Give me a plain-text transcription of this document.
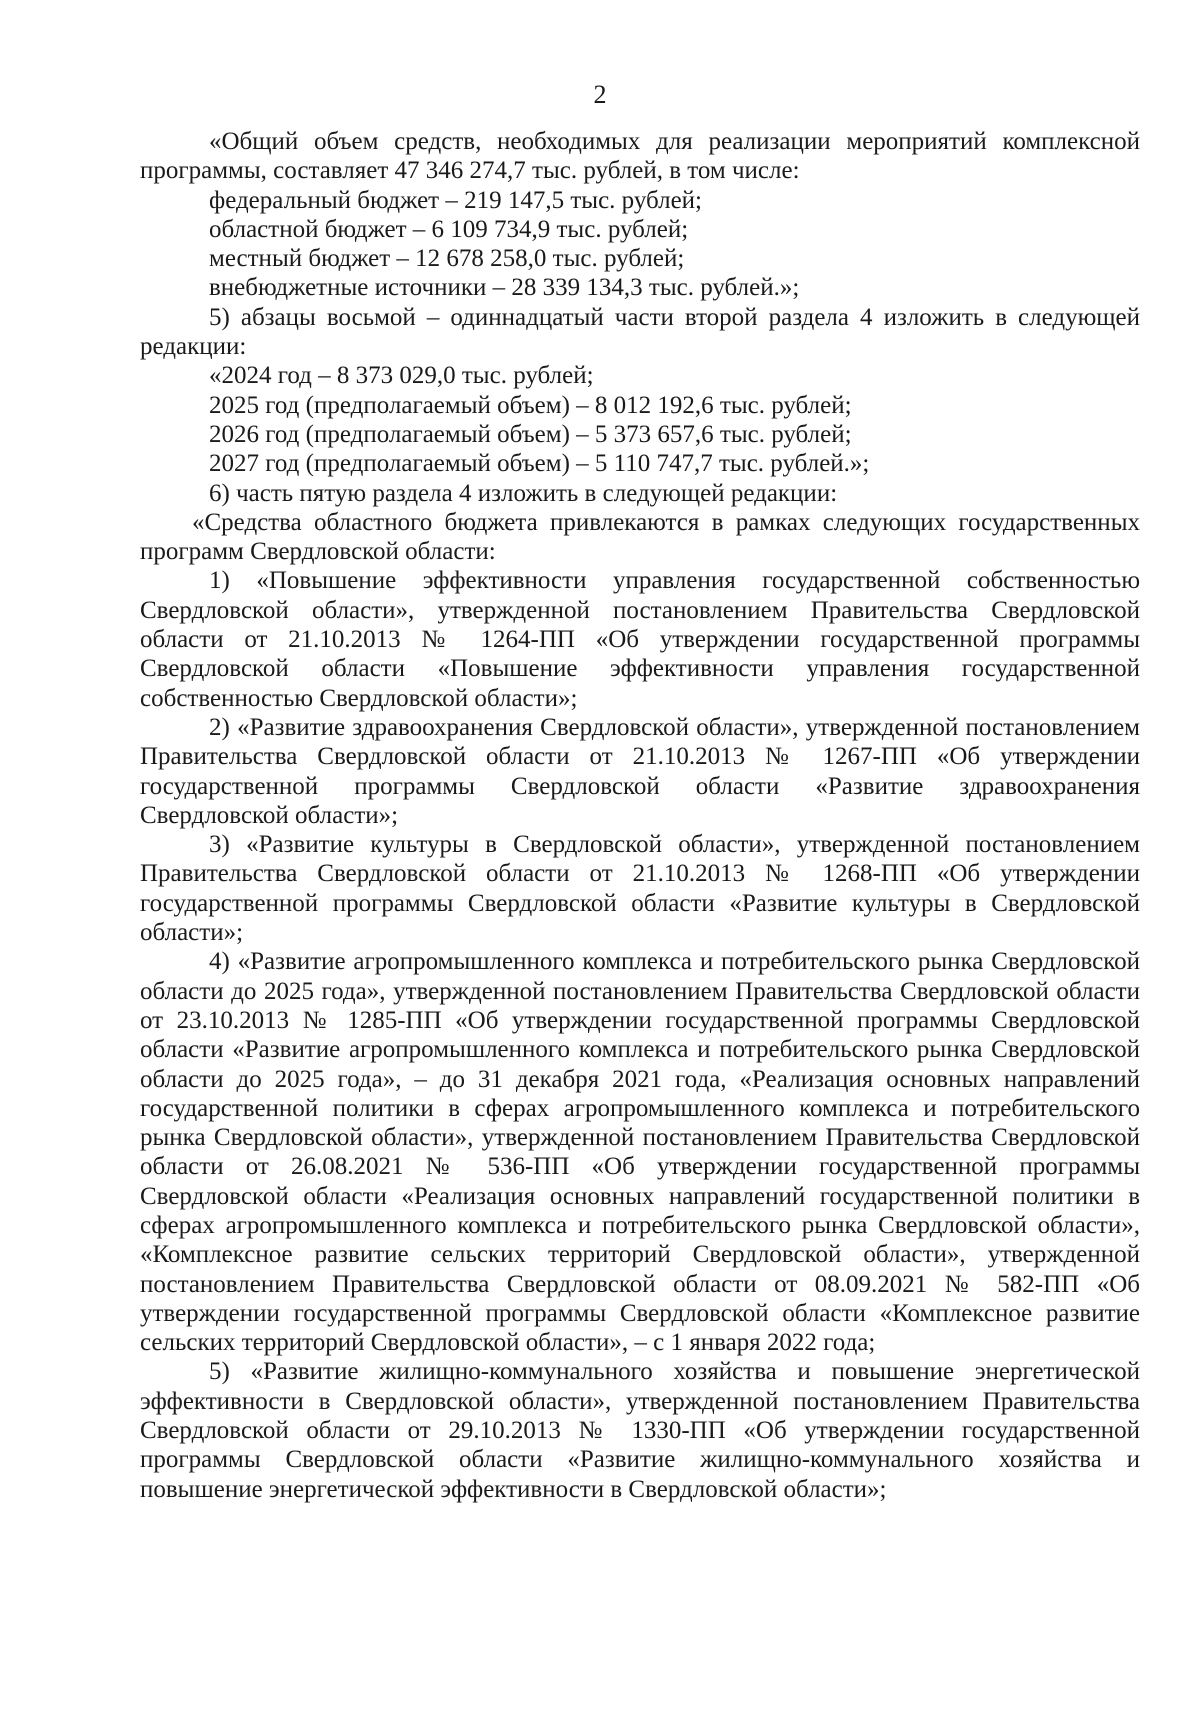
2

«Общий объем средств, необходимых для реализации мероприятий комплексной программы, составляет 47 346 274,7 тыс. рублей, в том числе:

федеральный бюджет – 219 147,5 тыс. рублей;

областной бюджет – 6 109 734,9 тыс. рублей;

местный бюджет – 12 678 258,0 тыс. рублей;

внебюджетные источники – 28 339 134,3 тыс. рублей.»;

5) абзацы восьмой – одиннадцатый части второй раздела 4 изложить в следующей редакции:

«2024 год – 8 373 029,0 тыс. рублей;

2025 год (предполагаемый объем) – 8 012 192,6 тыс. рублей;

2026 год (предполагаемый объем) – 5 373 657,6 тыс. рублей;

2027 год (предполагаемый объем) – 5 110 747,7 тыс. рублей.»;

6) часть пятую раздела 4 изложить в следующей редакции:

«Средства областного бюджета привлекаются в рамках следующих государственных программ Свердловской области:

1) «Повышение эффективности управления государственной собственностью Свердловской области», утвержденной постановлением Правительства Свердловской области от 21.10.2013 № 1264-ПП «Об утверждении государственной программы Свердловской области «Повышение эффективности управления государственной собственностью Свердловской области»;

2) «Развитие здравоохранения Свердловской области», утвержденной постановлением Правительства Свердловской области от 21.10.2013 № 1267-ПП «Об утверждении государственной программы Свердловской области «Развитие здравоохранения Свердловской области»;

3) «Развитие культуры в Свердловской области», утвержденной постановлением Правительства Свердловской области от 21.10.2013 № 1268-ПП «Об утверждении государственной программы Свердловской области «Развитие культуры в Свердловской области»;

4) «Развитие агропромышленного комплекса и потребительского рынка Свердловской области до 2025 года», утвержденной постановлением Правительства Свердловской области от 23.10.2013 № 1285-ПП «Об утверждении государственной программы Свердловской области «Развитие агропромышленного комплекса и потребительского рынка Свердловской области до 2025 года», – до 31 декабря 2021 года, «Реализация основных направлений государственной политики в сферах агропромышленного комплекса и потребительского рынка Свердловской области», утвержденной постановлением Правительства Свердловской области от 26.08.2021 № 536-ПП «Об утверждении государственной программы Свердловской области «Реализация основных направлений государственной политики в сферах агропромышленного комплекса и потребительского рынка Свердловской области», «Комплексное развитие сельских территорий Свердловской области», утвержденной постановлением Правительства Свердловской области от 08.09.2021 № 582-ПП «Об утверждении государственной программы Свердловской области «Комплексное развитие сельских территорий Свердловской области», – с 1 января 2022 года;

5) «Развитие жилищно-коммунального хозяйства и повышение энергетической эффективности в Свердловской области», утвержденной постановлением Правительства Свердловской области от 29.10.2013 № 1330-ПП «Об утверждении государственной программы Свердловской области «Развитие жилищно-коммунального хозяйства и повышение энергетической эффективности в Свердловской области»;
